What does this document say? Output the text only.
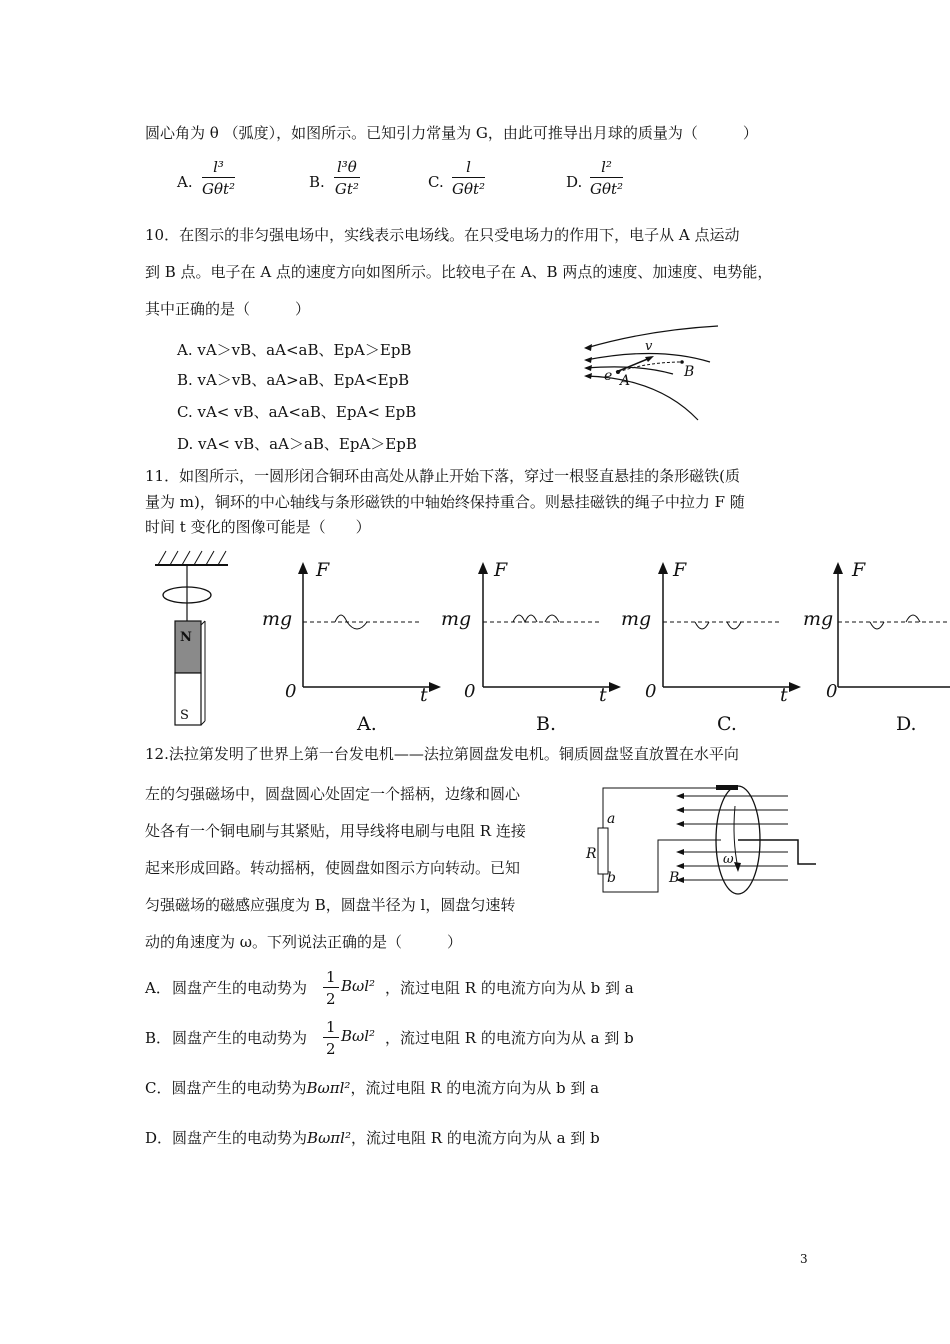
圆心角为 θ （弧度），如图所示。已知引力常量为 G，由此可推导出月球的质量为（　　　）
A.
l³
Gθt²	B. $\frac{\text{l³θ}}{\text{Gt²}}$	C.
l
Gθt²	D.
l²
Gθt²
10．在图示的非匀强电场中，实线表示电场线。在只受电场力的作用下，电子从 A 点运动
到 B 点。电子在 A 点的速度方向如图所示。比较电子在 A、B 两点的速度、加速度、电势能，
其中正确的是（　　　）
A. vA＞vB、aA<aB、EpA＞EpB
B. vA＞vB、aA>aB、EpA<EpB
C. vA< vB、aA<aB、EpA< EpB
D. vA< vB、aA＞aB、EpA＞EpB
v
B
e A
11．如图所示，一圆形闭合铜环由高处从静止开始下落，穿过一根竖直悬挂的条形磁铁(质
量为 m)，铜环的中心轴线与条形磁铁的中轴始终保持重合。则悬挂磁铁的绳子中拉力 F 随
时间 t 变化的图像可能是（　　）
N
S
F
mg
0	t
A.
F
mg
0	t
B.
F
mg
0	t
C.
F
mg
0
D.
12.法拉第发明了世界上第一台发电机——法拉第圆盘发电机。铜质圆盘竖直放置在水平向
左的匀强磁场中，圆盘圆心处固定一个摇柄，边缘和圆心
处各有一个铜电刷与其紧贴，用导线将电刷与电阻 R 连接
起来形成回路。转动摇柄，使圆盘如图示方向转动。已知
匀强磁场的磁感应强度为 B，圆盘半径为 l，圆盘匀速转
动的角速度为 ω。下列说法正确的是（　　　）
a
R
b	B
ω
A． 圆盘产生的电动势为 $\frac{1}{2} B\omega l^2$ ，流过电阻 R 的电流方向为从 b 到 a
B． 圆盘产生的电动势为 $\frac{1}{2} B\omega l^2$ ，流过电阻 R 的电流方向为从 a 到 b
C．圆盘产生的电动势为Bωπl²，流过电阻 R 的电流方向为从 b 到 a
D．圆盘产生的电动势为Bωπl²，流过电阻 R 的电流方向为从 a 到 b
3
